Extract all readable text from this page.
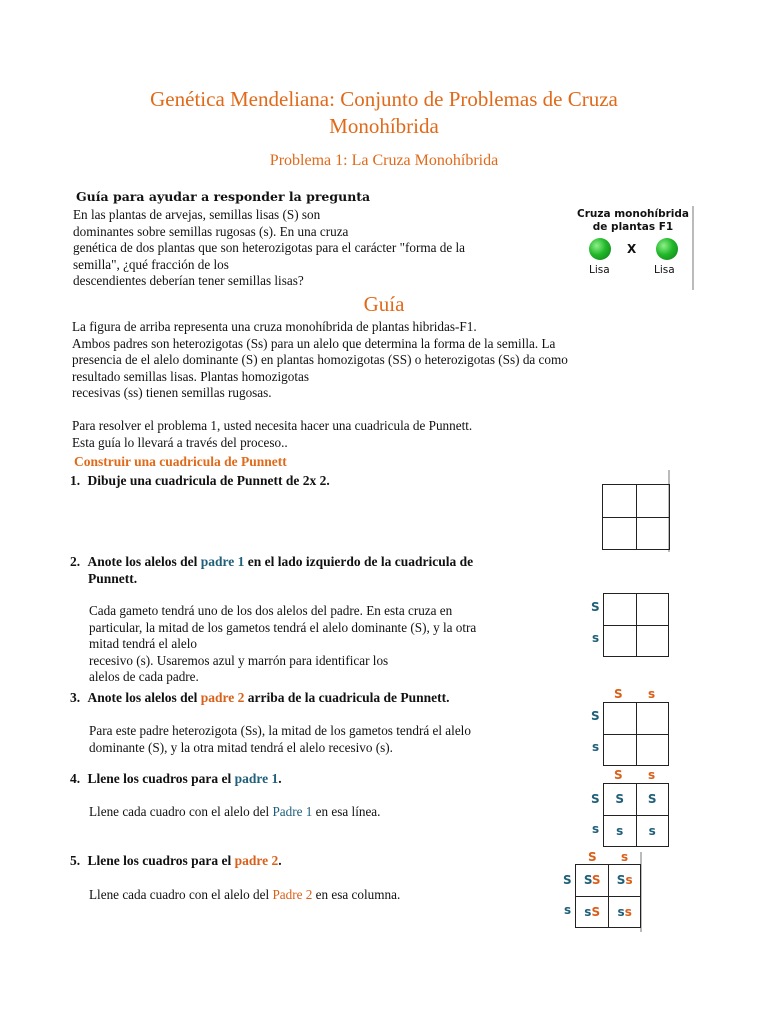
Genética Mendeliana: Conjunto de Problemas de Cruza
Monohíbrida
Problema 1: La Cruza Monohíbrida
Guía para ayudar a responder la pregunta
En las plantas de arvejas, semillas lisas (S) son
dominantes sobre semillas rugosas (s). En una cruza
genética de dos plantas que son heterozigotas para el carácter "forma de la
semilla", ¿qué fracción de los
descendientes deberían tener semillas lisas?
Cruza monohíbrida
de plantas F1
X
Lisa	Lisa
Guía
La figura de arriba representa una cruza monohíbrida de plantas hibridas-F1.
Ambos padres son heterozigotas (Ss) para un alelo que determina la forma de la semilla. La
presencia de el alelo dominante (S) en plantas homozigotas (SS) o heterozigotas (Ss) da como
resultado semillas lisas. Plantas homozigotas
recesivas (ss) tienen semillas rugosas.
Para resolver el problema 1, usted necesita hacer una cuadricula de Punnett.
Esta guía lo llevará a través del proceso..
Construir una cuadricula de Punnett
1. Dibuje una cuadricula de Punnett de 2x 2.

2. Anote los alelos del padre 1 en el lado izquierdo de la cuadricula de
Punnett.
Cada gameto tendrá uno de los dos alelos del padre. En esta cruza en
particular, la mitad de los gametos tendrá el alelo dominante (S), y la otra
mitad tendrá el alelo
recesivo (s). Usaremos azul y marrón para identificar los
alelos de cada padre.
S
s

3. Anote los alelos del padre 2 arriba de la cuadricula de Punnett.
Para este padre heterozigota (Ss), la mitad de los gametos tendrá el alelo
dominante (S), y la otra mitad tendrá el alelo recesivo (s).
S s
S
s

4. Llene los cuadros para el padre 1.
Llene cada cuadro con el alelo del Padre 1 en esa línea.
S s
S
s
S	S
s	s
5. Llene los cuadros para el padre 2.
Llene cada cuadro con el alelo del Padre 2 en esa columna.
S s
S
s
SS	Ss
sS	ss
